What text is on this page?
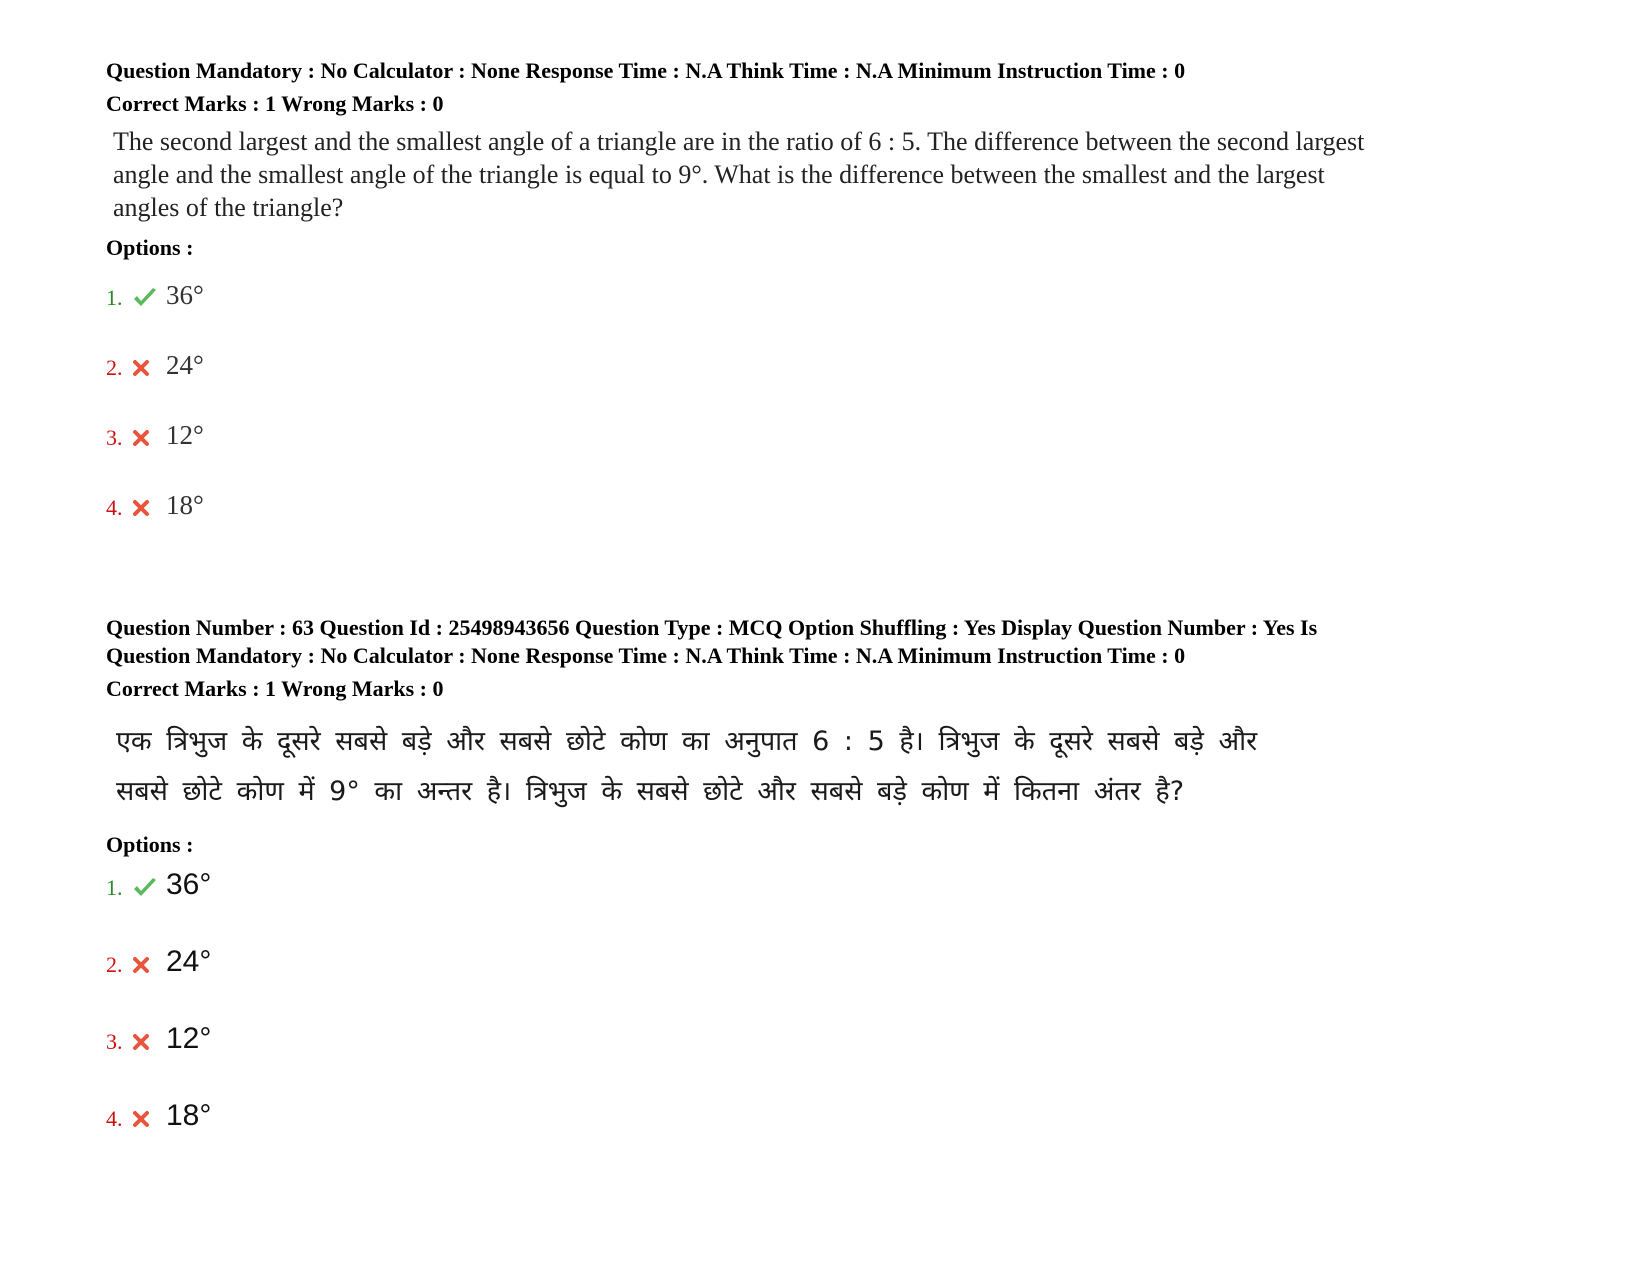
Question Mandatory : No Calculator : None Response Time : N.A Think Time : N.A Minimum Instruction Time : 0

Correct Marks : 1 Wrong Marks : 0

The second largest and the smallest angle of a triangle are in the ratio of 6 : 5. The difference between the second largest

angle and the smallest angle of the triangle is equal to 9°. What is the difference between the smallest and the largest

angles of the triangle?

Options :

1.	36°
2.	24°
3.	12°
4.	18°

Question Number : 63 Question Id : 25498943656 Question Type : MCQ Option Shuffling : Yes Display Question Number : Yes Is

Question Mandatory : No Calculator : None Response Time : N.A Think Time : N.A Minimum Instruction Time : 0

Correct Marks : 1 Wrong Marks : 0

एक त्रिभुज के दूसरे सबसे बड़े और सबसे छोटे कोण का अनुपात 6 : 5 है। त्रिभुज के दूसरे सबसे बड़े और

सबसे छोटे कोण में 9° का अन्तर है। त्रिभुज के सबसे छोटे और सबसे बड़े कोण में कितना अंतर है?

Options :

1.	36°
2.	24°
3.	12°
4.	18°
